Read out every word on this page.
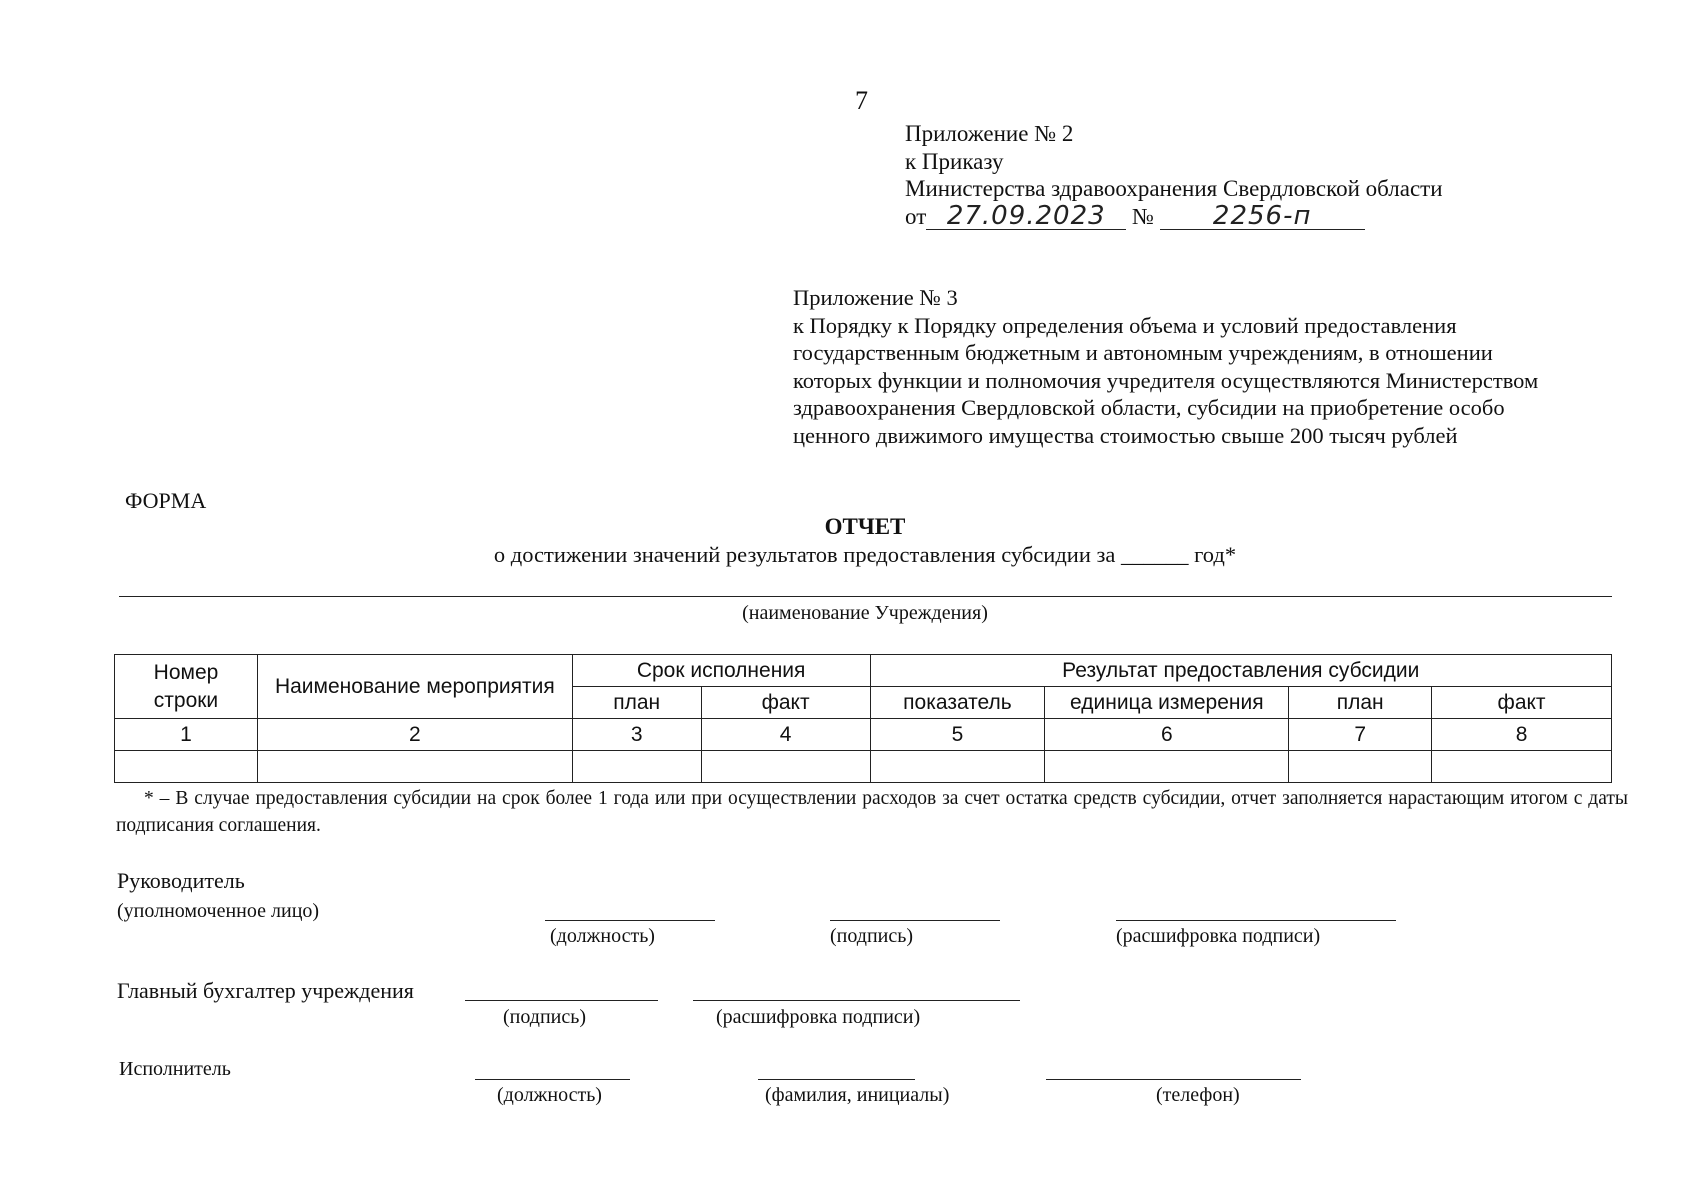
7
Приложение № 2
к Приказу
Министерства здравоохранения Свердловской области
от 27.09.2023 № 2256-п
Приложение № 3
к Порядку к Порядку определения объема и условий предоставления
государственным бюджетным и автономным учреждениям, в отношении
которых функции и полномочия учредителя осуществляются Министерством
здравоохранения Свердловской области, субсидии на приобретение особо
ценного движимого имущества стоимостью свыше 200 тысяч рублей
ФОРМА
ОТЧЕТ
о достижении значений результатов предоставления субсидии за ______ год*
(наименование Учреждения)
Номер строки	Наименование мероприятия	Срок исполнения		Результат предоставления субсидии			
		план	факт	показатель	единица измерения	план	факт
1	2	3	4	5	6	7	8

* – В случае предоставления субсидии на срок более 1 года или при осуществлении расходов за счет остатка средств субсидии, отчет заполняется нарастающим итогом с даты подписания соглашения.
Руководитель
(уполномоченное лицо)
(должность)	(подпись)	(расшифровка подписи)
Главный бухгалтер учреждения
(подпись)	(расшифровка подписи)
Исполнитель
(должность)	(фамилия, инициалы)	(телефон)
